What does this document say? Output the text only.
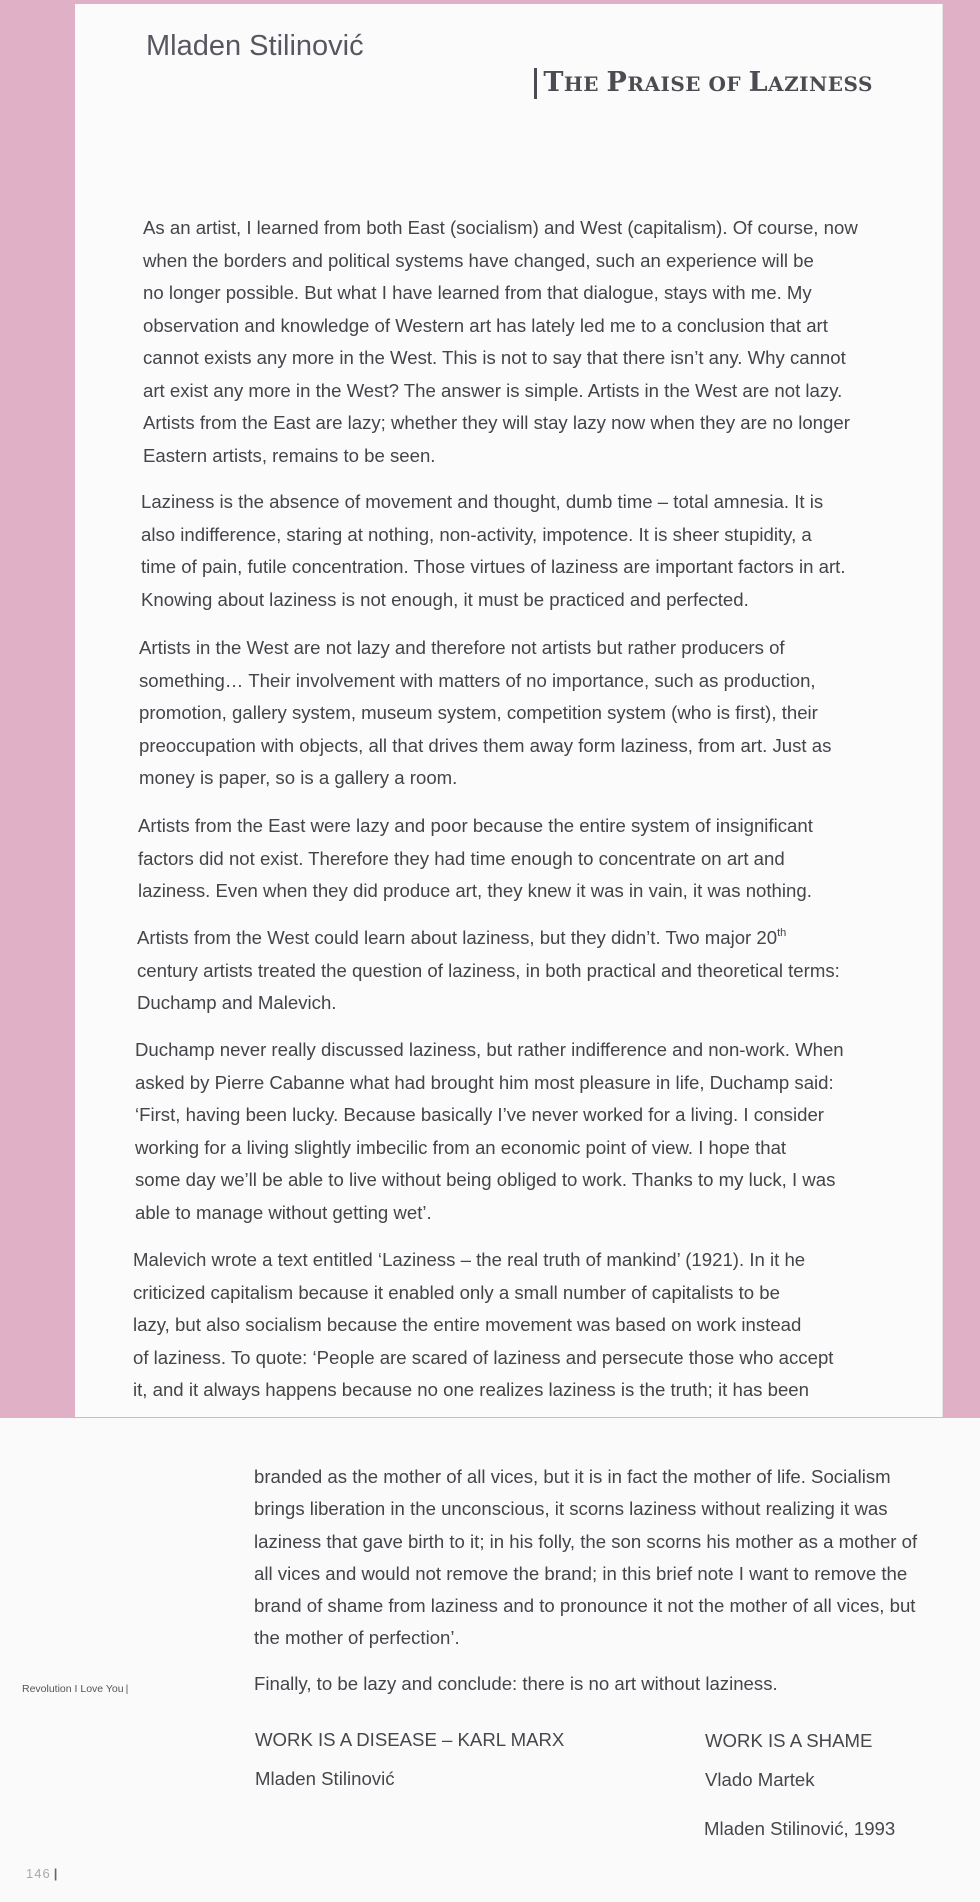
Mladen Stilinović
THE PRAISE OF LAZINESS

As an artist, I learned from both East (socialism) and West (capitalism). Of course, now
when the borders and political systems have changed, such an experience will be
no longer possible. But what I have learned from that dialogue, stays with me. My
observation and knowledge of Western art has lately led me to a conclusion that art
cannot exists any more in the West. This is not to say that there isn’t any. Why cannot
art exist any more in the West? The answer is simple. Artists in the West are not lazy.
Artists from the East are lazy; whether they will stay lazy now when they are no longer
Eastern artists, remains to be seen.

Laziness is the absence of movement and thought, dumb time – total amnesia. It is
also indifference, staring at nothing, non-activity, impotence. It is sheer stupidity, a
time of pain, futile concentration. Those virtues of laziness are important factors in art.
Knowing about laziness is not enough, it must be practiced and perfected.

Artists in the West are not lazy and therefore not artists but rather producers of
something… Their involvement with matters of no importance, such as production,
promotion, gallery system, museum system, competition system (who is first), their
preoccupation with objects, all that drives them away form laziness, from art. Just as
money is paper, so is a gallery a room.

Artists from the East were lazy and poor because the entire system of insignificant
factors did not exist. Therefore they had time enough to concentrate on art and
laziness. Even when they did produce art, they knew it was in vain, it was nothing.

Artists from the West could learn about laziness, but they didn’t. Two major 20th
century artists treated the question of laziness, in both practical and theoretical terms:
Duchamp and Malevich.

Duchamp never really discussed laziness, but rather indifference and non-work. When
asked by Pierre Cabanne what had brought him most pleasure in life, Duchamp said:
‘First, having been lucky. Because basically I’ve never worked for a living. I consider
working for a living slightly imbecilic from an economic point of view. I hope that
some day we’ll be able to live without being obliged to work. Thanks to my luck, I was
able to manage without getting wet’.

Malevich wrote a text entitled ‘Laziness – the real truth of mankind’ (1921). In it he
criticized capitalism because it enabled only a small number of capitalists to be
lazy, but also socialism because the entire movement was based on work instead
of laziness. To quote: ‘People are scared of laziness and persecute those who accept
it, and it always happens because no one realizes laziness is the truth; it has been

branded as the mother of all vices, but it is in fact the mother of life. Socialism
brings liberation in the unconscious, it scorns laziness without realizing it was
laziness that gave birth to it; in his folly, the son scorns his mother as a mother of
all vices and would not remove the brand; in this brief note I want to remove the
brand of shame from laziness and to pronounce it not the mother of all vices, but
the mother of perfection’.

Finally, to be lazy and conclude: there is no art without laziness.
WORK IS A DISEASE – KARL MARX
Mladen Stilinović
WORK IS A SHAME
Vlado Martek
Mladen Stilinović, 1993
Revolution I Love You |
146 |
